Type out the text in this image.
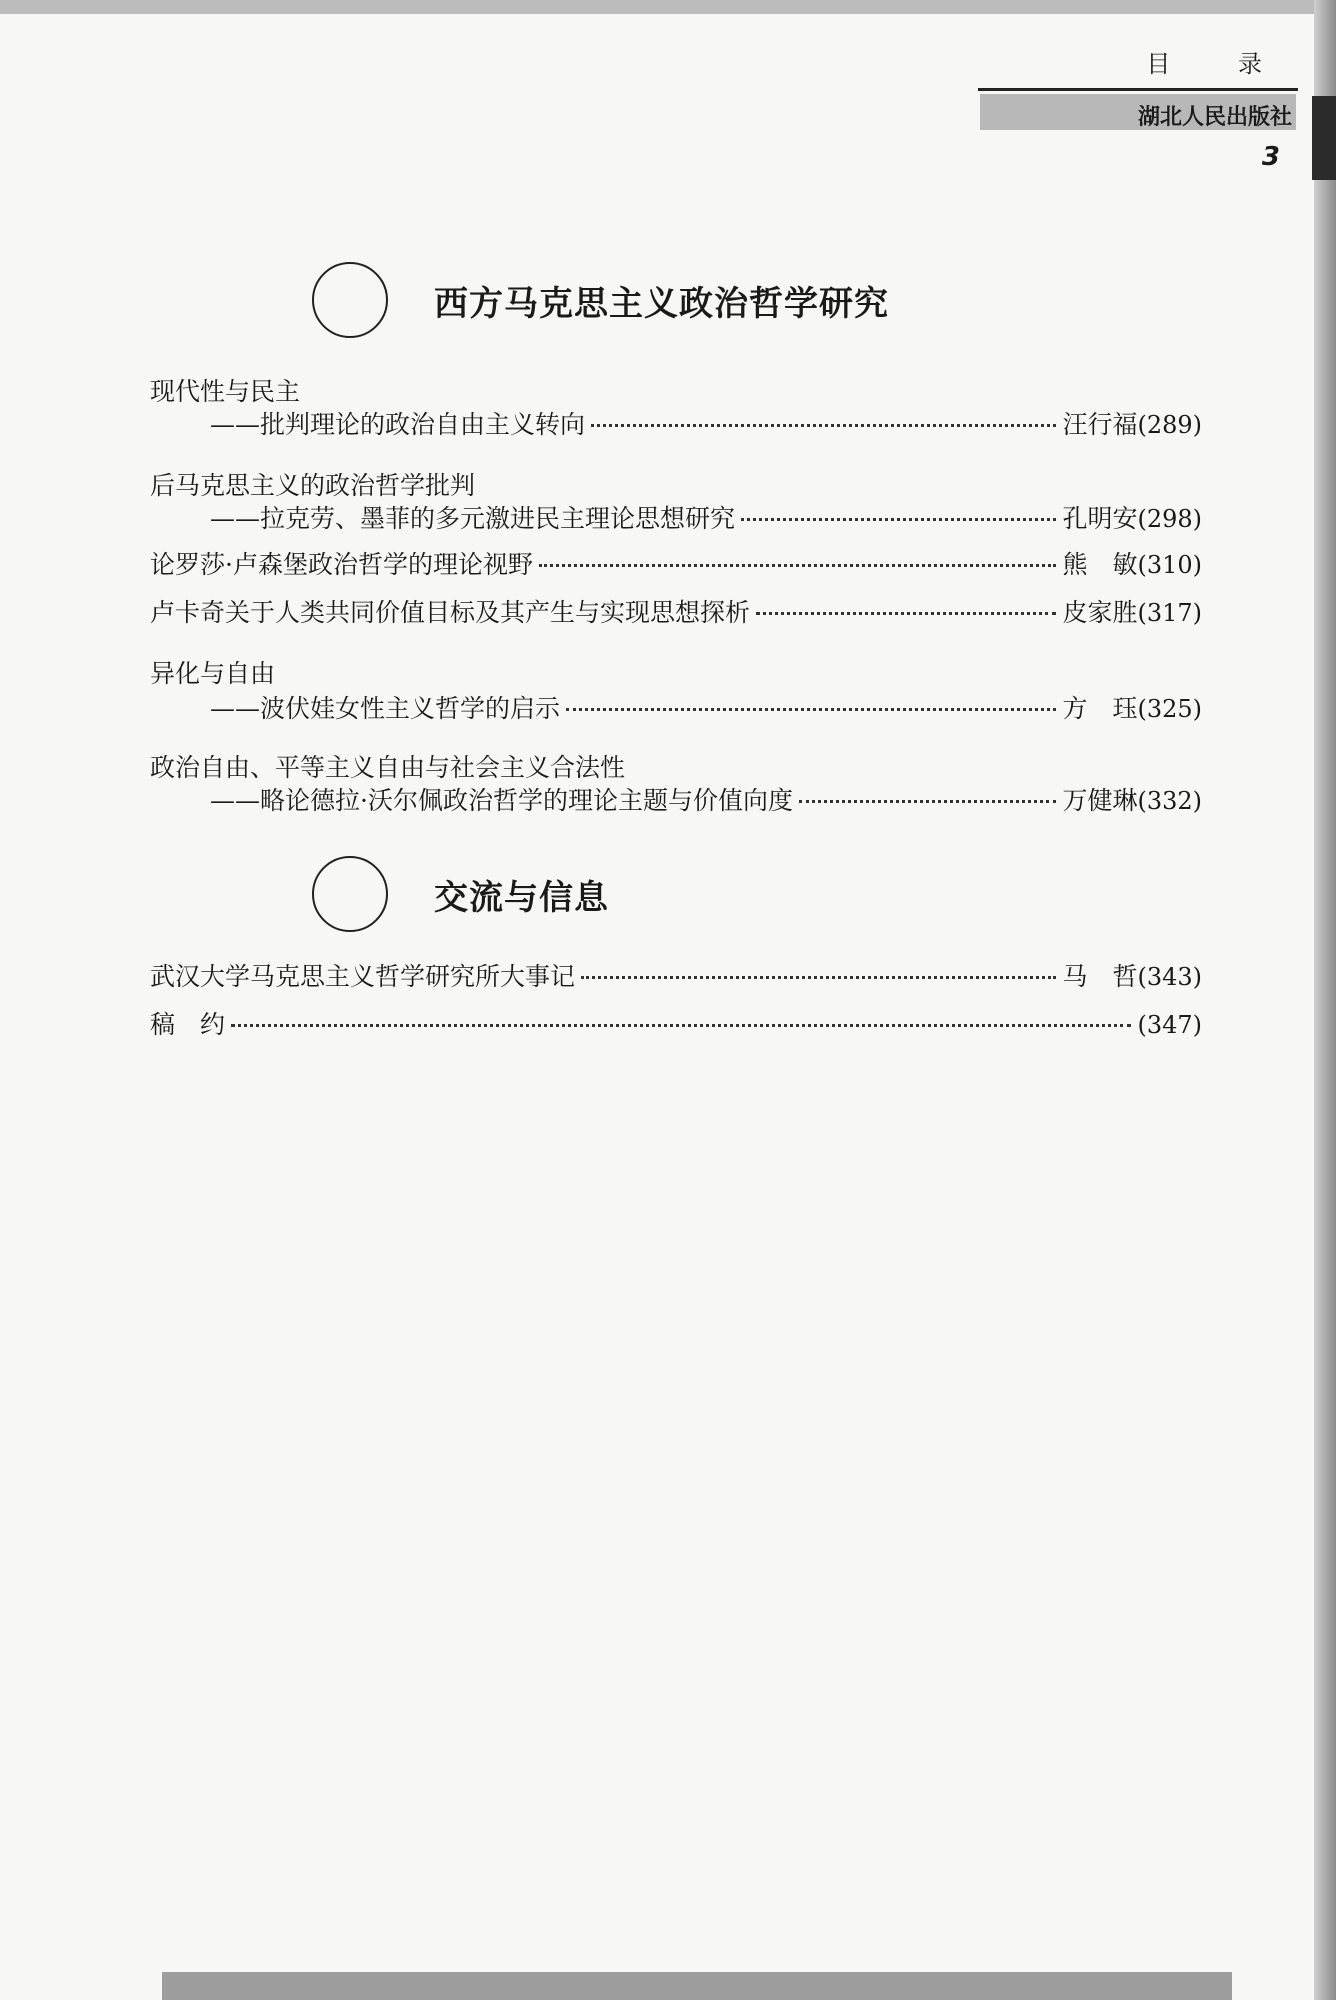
目 录
湖北人民出版社
3
西方马克思主义政治哲学研究
现代性与民主
——批判理论的政治自由主义转向	汪行福 (289)
后马克思主义的政治哲学批判
——拉克劳、墨菲的多元激进民主理论思想研究	孔明安 (298)
论罗莎·卢森堡政治哲学的理论视野	熊　敏 (310)
卢卡奇关于人类共同价值目标及其产生与实现思想探析	皮家胜 (317)
异化与自由
——波伏娃女性主义哲学的启示	方　珏 (325)
政治自由、平等主义自由与社会主义合法性
——略论德拉·沃尔佩政治哲学的理论主题与价值向度	万健琳 (332)
交流与信息
武汉大学马克思主义哲学研究所大事记	马　哲 (343)
稿　约	(347)
